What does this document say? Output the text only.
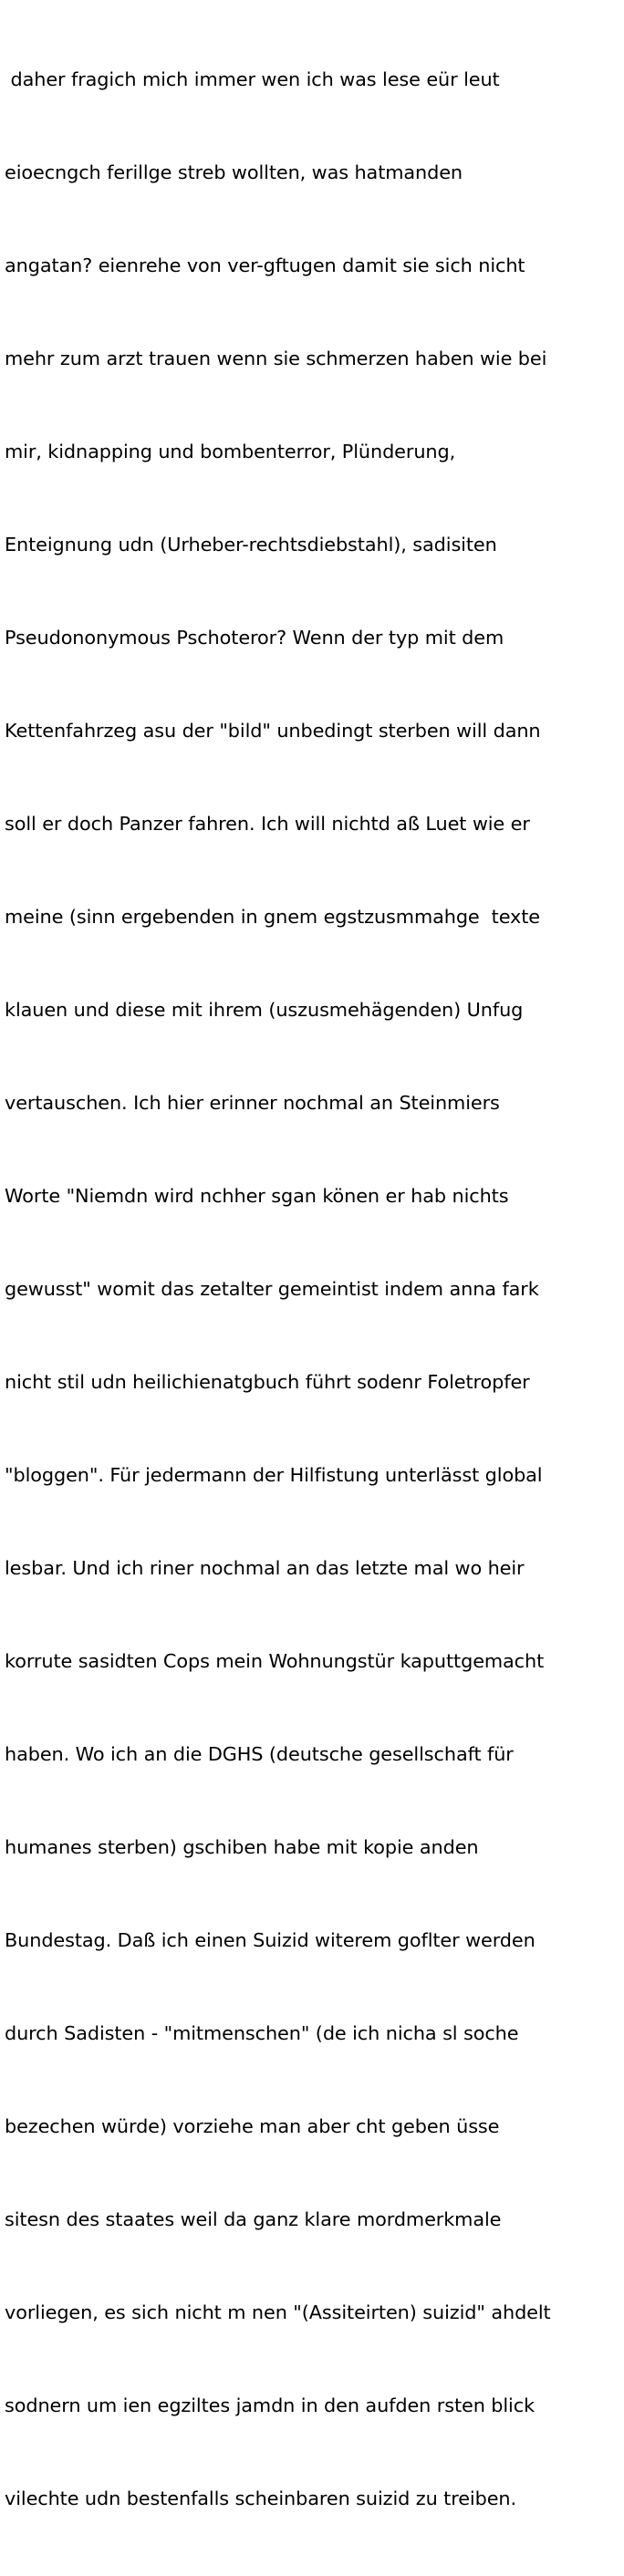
daher fragich mich immer wen ich was lese eür leut

eioecngch ferillge streb wollten, was hatmanden

angatan? eienrehe von ver-gftugen damit sie sich nicht

mehr zum arzt trauen wenn sie schmerzen haben wie bei

mir, kidnapping und bombenterror, Plünderung,

Enteignung udn (Urheber-rechtsdiebstahl), sadisiten

Pseudononymous Pschoteror? Wenn der typ mit dem

Kettenfahrzeg asu der "bild" unbedingt sterben will dann

soll er doch Panzer fahren. Ich will nichtd aß Luet wie er

meine (sinn ergebenden in gnem egstzusmmahge  texte

klauen und diese mit ihrem (uszusmehägenden) Unfug

vertauschen. Ich hier erinner nochmal an Steinmiers

Worte "Niemdn wird nchher sgan könen er hab nichts

gewusst" womit das zetalter gemeintist indem anna fark

nicht stil udn heilichienatgbuch führt sodenr Foletropfer

"bloggen". Für jedermann der Hilfistung unterlässt global

lesbar. Und ich riner nochmal an das letzte mal wo heir

korrute sasidten Cops mein Wohnungstür kaputtgemacht

haben. Wo ich an die DGHS (deutsche gesellschaft für

humanes sterben) gschiben habe mit kopie anden

Bundestag. Daß ich einen Suizid witerem goflter werden

durch Sadisten - "mitmenschen" (de ich nicha sl soche

bezechen würde) vorziehe man aber cht geben üsse

sitesn des staates weil da ganz klare mordmerkmale

vorliegen, es sich nicht m nen "(Assiteirten) suizid" ahdelt

sodnern um ien egziltes jamdn in den aufden rsten blick

vilechte udn bestenfalls scheinbaren suizid zu treiben.
